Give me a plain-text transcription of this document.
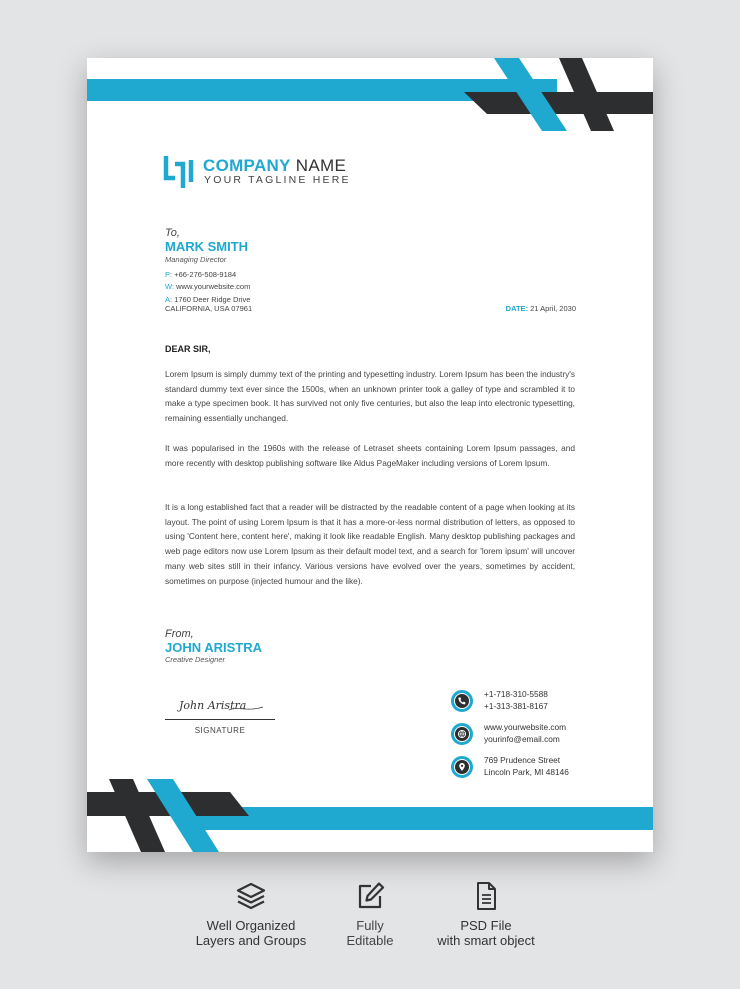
COMPANY NAME
YOUR TAGLINE HERE
To,
MARK SMITH
Managing Director
P: +66-276-508-9184
W: www.yourwebsite.com
A: 1760 Deer Ridge Drive
CALIFORNIA, USA 07961	DATE: 21 April, 2030
DEAR SIR,

Lorem Ipsum is simply dummy text of the printing and typesetting industry. Lorem Ipsum has been the industry's standard dummy text ever since the 1500s, when an unknown printer took a galley of type and scrambled it to make a type specimen book. It has survived not only five centuries, but also the leap into electronic typesetting, remaining essentially unchanged.

It was popularised in the 1960s with the release of Letraset sheets containing Lorem Ipsum passages, and more recently with desktop publishing software like Aldus PageMaker including versions of Lorem Ipsum.

It is a long established fact that a reader will be distracted by the readable content of a page when looking at its layout. The point of using Lorem Ipsum is that it has a more-or-less normal distribution of letters, as opposed to using 'Content here, content here', making it look like readable English. Many desktop publishing packages and web page editors now use Lorem Ipsum as their default model text, and a search for 'lorem ipsum' will uncover many web sites still in their infancy. Various versions have evolved over the years, sometimes by accident, sometimes on purpose (injected humour and the like).

From,
JOHN ARISTRA
Creative Designer
John Aristra
SIGNATURE
+1-718-310-5588
+1-313-381-8167
www.yourwebsite.com
yourinfo@email.com
769 Prudence Street
Lincoln Park, MI 48146
Well Organized
Layers and Groups
Fully
Editable
PSD File
with smart object
